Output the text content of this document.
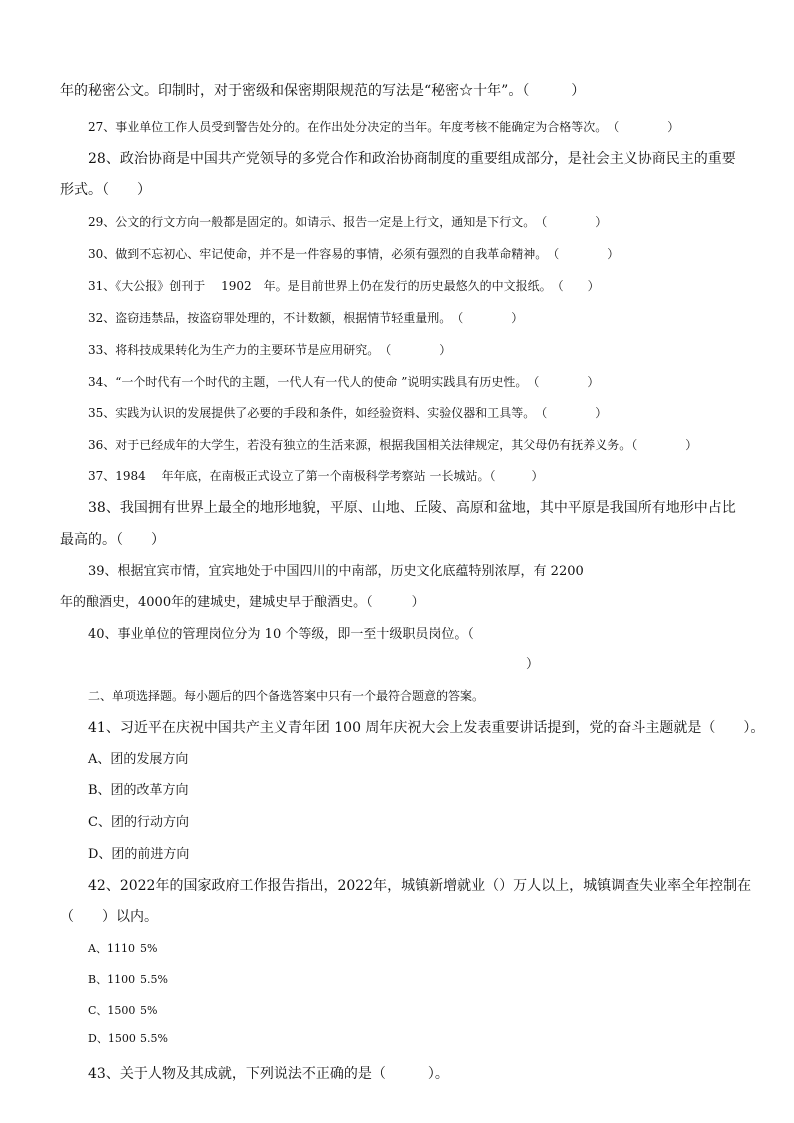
年的秘密公文。印制时，对于密级和保密期限规范的写法是“秘密☆十年”。（　　　）
27、事业单位工作人员受到警告处分的。在作出处分决定的当年。年度考核不能确定为合格等次。　（　　　　）
28、政治协商是中国共产党领导的多党合作和政治协商制度的重要组成部分，是社会主义协商民主的重要
形式。（　　）
29、公文的行文方向一般都是固定的。如请示、报告一定是上行文，通知是下行文。　（　　　　）
30、做到不忘初心、牢记使命，并不是一件容易的事情，必须有强烈的自我革命精神。　（　　　　）
31、《大公报》创刊于　 1902　年。是目前世界上仍在发行的历史最悠久的中文报纸。　（　　）
32、盗窃违禁品，按盗窃罪处理的，不计数额，根据情节轻重量刑。　（　　　　）
33、将科技成果转化为生产力的主要环节是应用研究。　（　　　　）
34、“一个时代有一个时代的主题，一代人有一代人的使命 ”说明实践具有历史性。　（　　　　）
35、实践为认识的发展提供了必要的手段和条件，如经验资料、实验仪器和工具等。　（　　　　）
36、对于已经成年的大学生，若没有独立的生活来源，根据我国相关法律规定，其父母仍有抚养义务。（　　　　）
37、1984　 年年底，在南极正式设立了第一个南极科学考察站 一长城站。（　　　）
38、我国拥有世界上最全的地形地貌，平原、山地、丘陵、高原和盆地，其中平原是我国所有地形中占比
最高的。（　　）
39、根据宜宾市情，宜宾地处于中国四川的中南部，历史文化底蕴特别浓厚，有 2200
年的酿酒史，4000年的建城史，建城史早于酿酒史。（　　　）
40、事业单位的管理岗位分为 10 个等级，即一至十级职员岗位。（
）
二、单项选择题。每小题后的四个备选答案中只有一个最符合题意的答案。
41、习近平在庆祝中国共产主义青年团 100 周年庆祝大会上发表重要讲话提到，党的奋斗主题就是（　　）。
A、团的发展方向
B、团的改革方向
C、团的行动方向
D、团的前进方向
42、2022年的国家政府工作报告指出，2022年，城镇新增就业（）万人以上，城镇调查失业率全年控制在
（　　）以内。
A、1110 5%
B、1100 5.5%
C、1500 5%
D、1500 5.5%
43、关于人物及其成就，下列说法不正确的是（　　　）。
